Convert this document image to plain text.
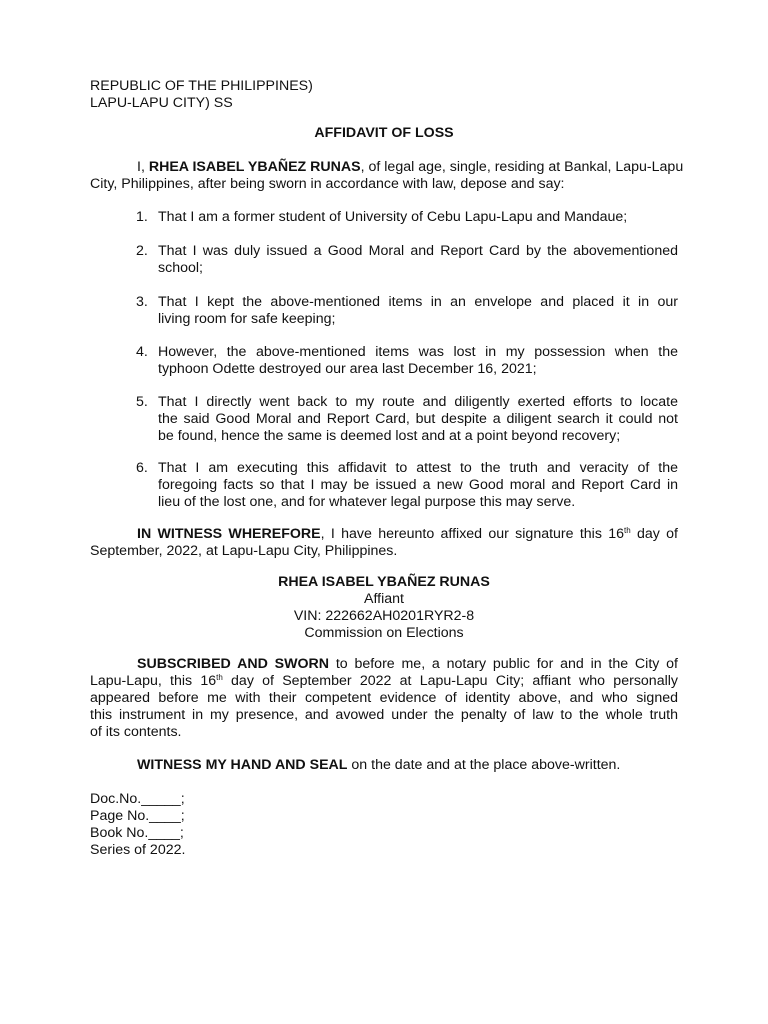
REPUBLIC OF THE PHILIPPINES)
LAPU-LAPU CITY) SS
AFFIDAVIT OF LOSS
I, RHEA ISABEL YBAÑEZ RUNAS, of legal age, single, residing at Bankal, Lapu-Lapu
City, Philippines, after being sworn in accordance with law, depose and say:
1. That I am a former student of University of Cebu Lapu-Lapu and Mandaue;
2. That I was duly issued a Good Moral and Report Card by the abovementioned
school;
3. That I kept the above-mentioned items in an envelope and placed it in our
living room for safe keeping;
4. However, the above-mentioned items was lost in my possession when the
typhoon Odette destroyed our area last December 16, 2021;
5. That I directly went back to my route and diligently exerted efforts to locate
the said Good Moral and Report Card, but despite a diligent search it could not
be found, hence the same is deemed lost and at a point beyond recovery;
6. That I am executing this affidavit to attest to the truth and veracity of the
foregoing facts so that I may be issued a new Good moral and Report Card in
lieu of the lost one, and for whatever legal purpose this may serve.
IN WITNESS WHEREFORE, I have hereunto affixed our signature this 16th day of
September, 2022, at Lapu-Lapu City, Philippines.
RHEA ISABEL YBAÑEZ RUNAS
Affiant
VIN: 222662AH0201RYR2-8
Commission on Elections
SUBSCRIBED AND SWORN to before me, a notary public for and in the City of
Lapu-Lapu, this 16th day of September 2022 at Lapu-Lapu City; affiant who personally
appeared before me with their competent evidence of identity above, and who signed
this instrument in my presence, and avowed under the penalty of law to the whole truth
of its contents.
WITNESS MY HAND AND SEAL on the date and at the place above-written.
Doc.No._____;
Page No.____;
Book No.____;
Series of 2022.
